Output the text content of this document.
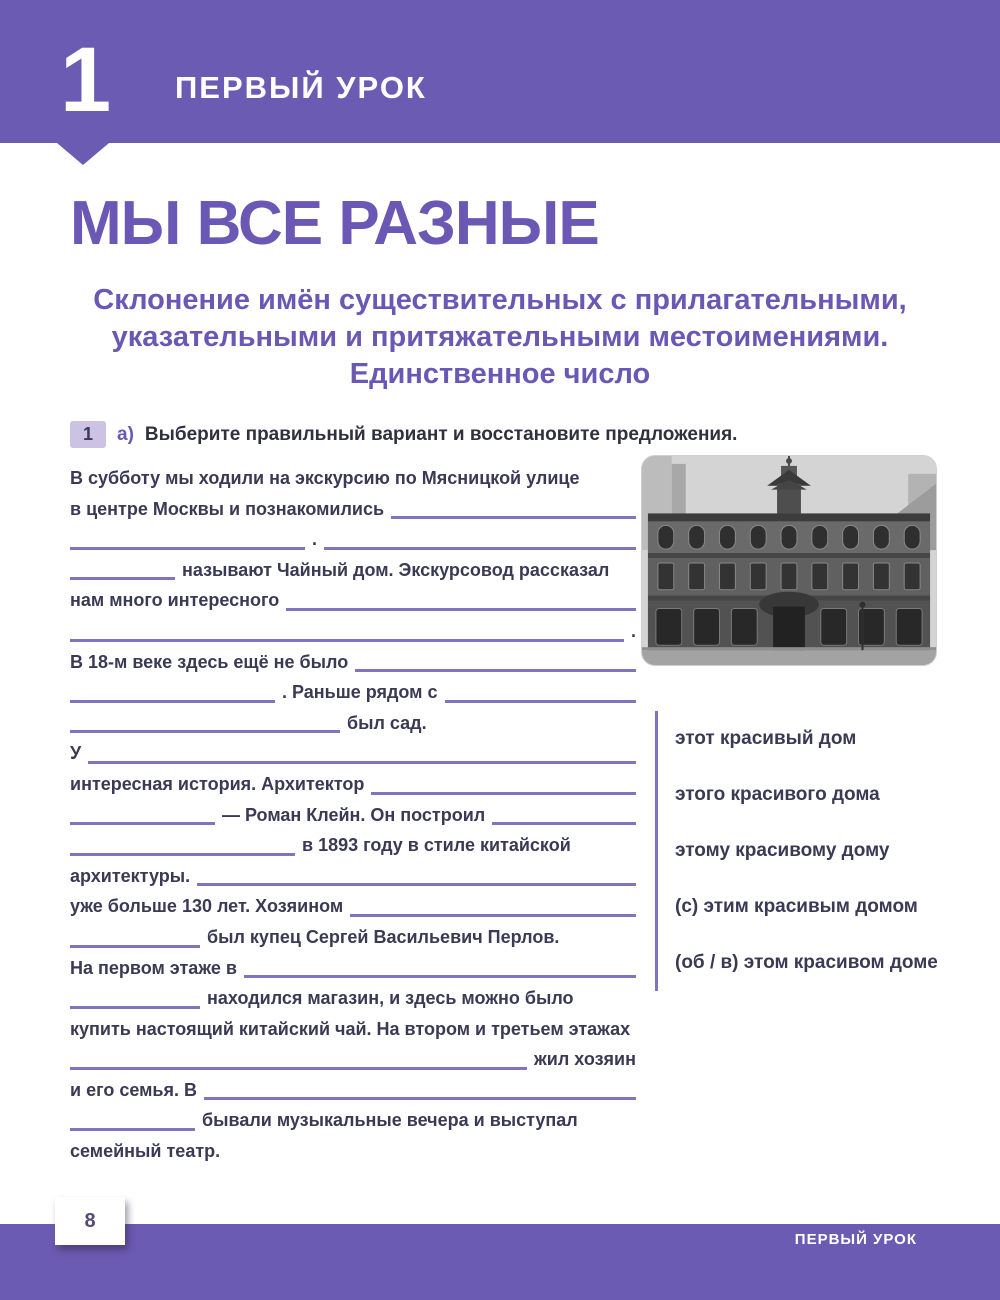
1 ПЕРВЫЙ УРОК
МЫ ВСЕ РАЗНЫЕ
Склонение имён существительных с прилагательными,
указательными и притяжательными местоимениями.
Единственное число
1	а) Выберите правильный вариант и восстановите предложения.
В субботу мы ходили на экскурсию по Мясницкой улице
в центре Москвы и познакомились
.
называют Чайный дом. Экскурсовод рассказал
нам много интересного
.
В 18-м веке здесь ещё не было
. Раньше рядом с
был сад.
У
интересная история. Архитектор
— Роман Клейн. Он построил
в 1893 году в стиле китайской
архитектуры.
уже больше 130 лет. Хозяином
был купец Сергей Васильевич Перлов.
На первом этаже в
находился магазин, и здесь можно было
купить настоящий китайский чай. На втором и третьем этажах
жил хозяин
и его семья. В
бывали музыкальные вечера и выступал
семейный театр.
этот красивый дом
этого красивого дома
этому красивому дому
(с) этим красивым домом
(об / в) этом красивом доме
8
ПЕРВЫЙ УРОК
